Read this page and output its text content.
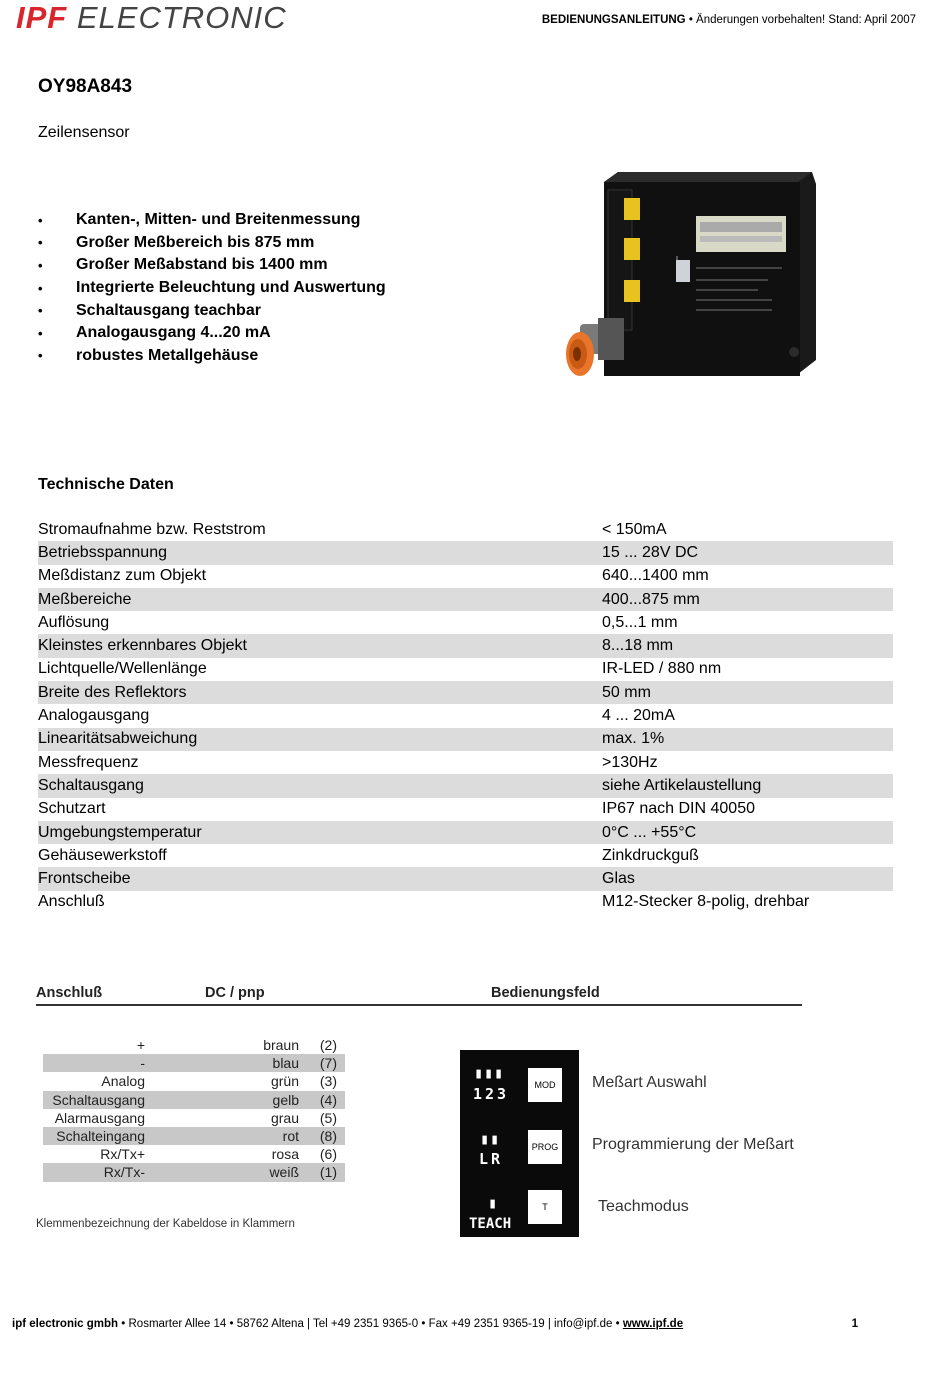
IPF ELECTRONIC	BEDIENUNGSANLEITUNG • Änderungen vorbehalten! Stand: April 2007
OY98A843
Zeilensensor
•	Kanten-, Mitten- und Breitenmessung
•	Großer Meßbereich bis 875 mm
•	Großer Meßabstand bis 1400 mm
•	Integrierte Beleuchtung und Auswertung
•	Schaltausgang teachbar
•	Analogausgang 4...20 mA
•	robustes Metallgehäuse
Technische Daten
Stromaufnahme bzw. Reststrom	< 150mA
Betriebsspannung	15 ... 28V DC
Meßdistanz zum Objekt	640...1400 mm
Meßbereiche	400...875 mm
Auflösung	0,5...1 mm
Kleinstes erkennbares Objekt	8...18 mm
Lichtquelle/Wellenlänge	IR-LED / 880 nm
Breite des Reflektors	50 mm
Analogausgang	4 ... 20mA
Linearitätsabweichung	max. 1%
Messfrequenz	>130Hz
Schaltausgang	siehe Artikelaustellung
Schutzart	IP67 nach DIN 40050
Umgebungstemperatur	0°C ... +55°C
Gehäusewerkstoff	Zinkdruckguß
Frontscheibe	Glas
Anschluß	M12-Stecker 8-polig, drehbar
Anschluß	DC / pnp	Bedienungsfeld
+	braun	(2)
-	blau	(7)
Analog	grün	(3)
Schaltausgang	gelb	(4)
Alarmausgang	grau	(5)
Schalteingang	rot	(8)
Rx/Tx+	rosa	(6)
Rx/Tx-	weiß	(1)
Klemmenbezeichnung der Kabeldose in Klammern
▮▮▮
123	MOD
▮▮
LR
PROG
▮
TEACH
T
Meßart Auswahl
Programmierung der Meßart
Teachmodus
ipf electronic gmbh • Rosmarter Allee 14 • 58762 Altena | Tel +49 2351 9365-0 • Fax +49 2351 9365-19 | info@ipf.de • www.ipf.de	1
